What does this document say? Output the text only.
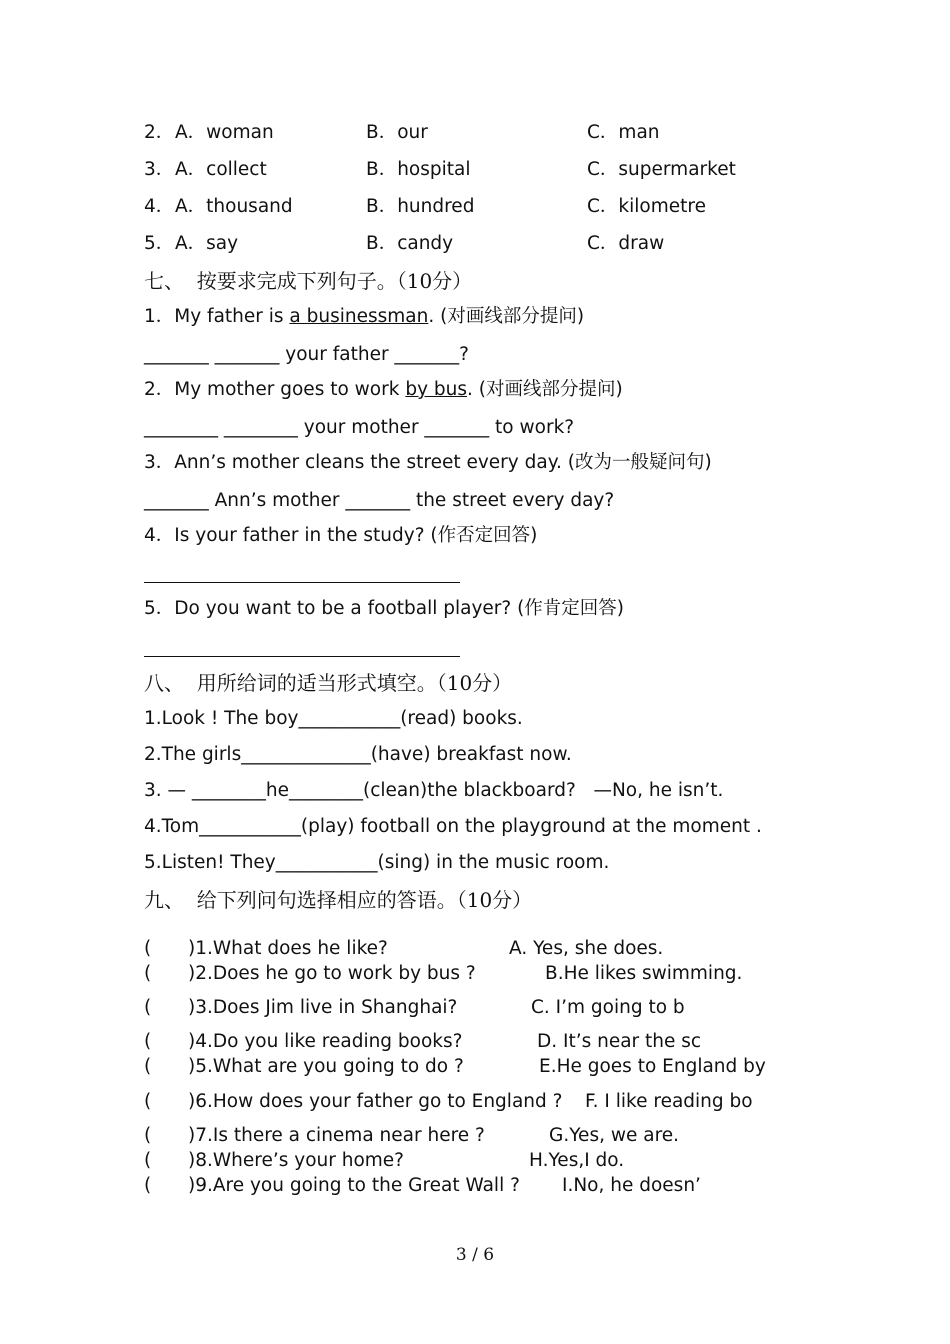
2． A．woman	B．our	C．man
3． A．collect	B．hospital	C．supermarket
4． A．thousand	B．hundred	C．kilometre
5． A．say	B．candy	C．draw
七、  按要求完成下列句子。（10分）
1．My father is a businessman. (对画线部分提问)
_______ _______ your father _______?
2．My mother goes to work by bus. (对画线部分提问)
________ ________ your mother _______ to work?
3．Ann’s mother cleans the street every day. (改为一般疑问句)
_______ Ann’s mother _______ the street every day?
4．Is your father in the study? (作否定回答)
5．Do you want to be a football player? (作肯定回答)
八、  用所给词的适当形式填空。（10分）
1.Look ! The boy___________(read) books.
2.The girls______________(have) breakfast now.
3. — ________he________(clean)the blackboard?   —No, he isn’t.
4.Tom___________(play) football on the playground at the moment .
5.Listen! They___________(sing) in the music room.
九、  给下列问句选择相应的答语。（10分）
( )1.What does he like?	A. Yes, she does.
( )2.Does he go to work by bus ?	B.He likes swimming.
( )3.Does Jim live in Shanghai?	C. I’m going to b
( )4.Do you like reading books?	D. It’s near the sc
( )5.What are you going to do ?	E.He goes to England by
( )6.How does your father go to England ? F. I like reading bo
( )7.Is there a cinema near here ?	G.Yes, we are.
( )8.Where’s your home?	H.Yes,I do.
( )9.Are you going to the Great Wall ? I.No, he doesn’
3 / 6
